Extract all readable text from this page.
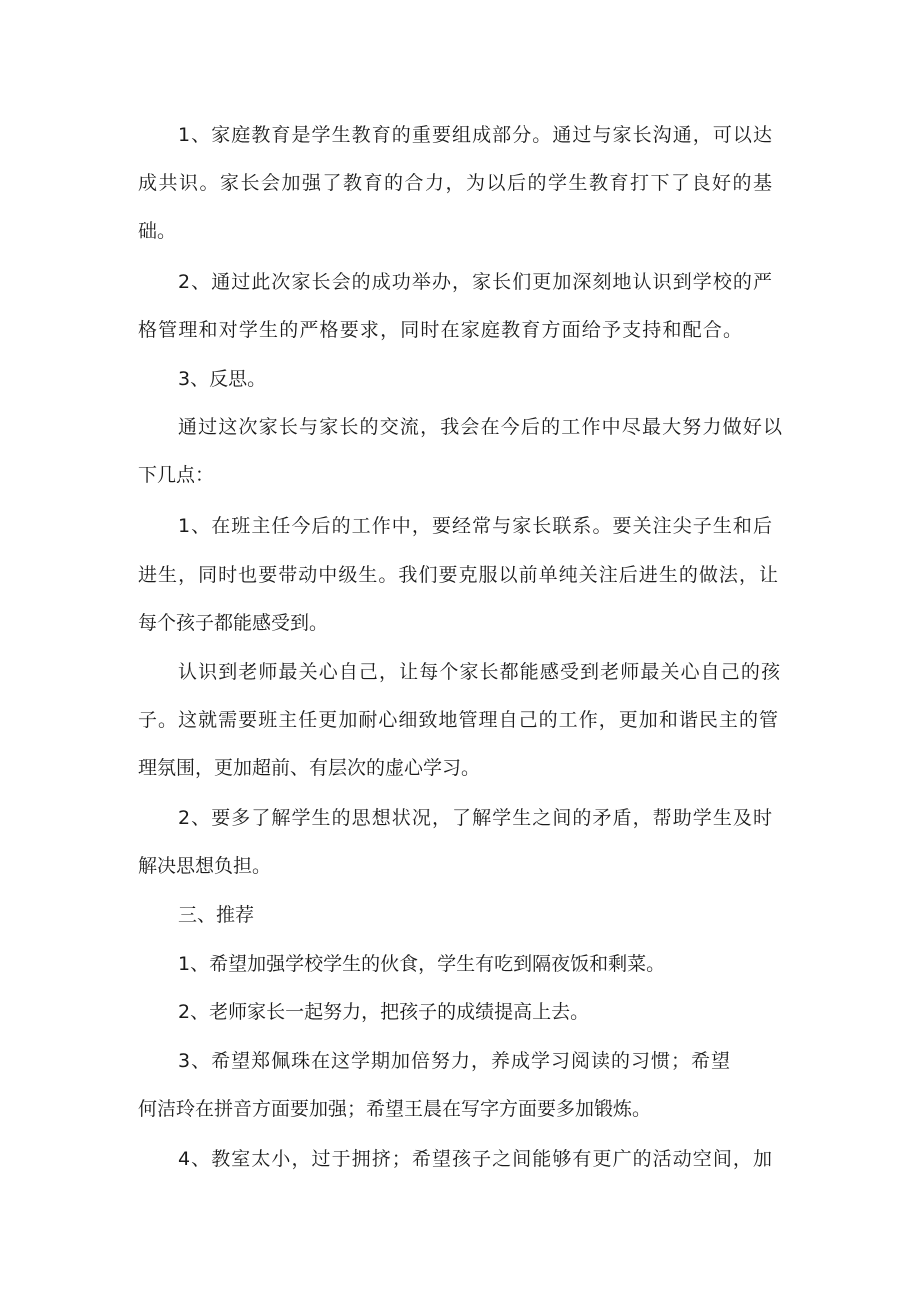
1、家庭教育是学生教育的重要组成部分。通过与家长沟通，可以达
成共识。家长会加强了教育的合力，为以后的学生教育打下了良好的基
础。
2、通过此次家长会的成功举办，家长们更加深刻地认识到学校的严
格管理和对学生的严格要求，同时在家庭教育方面给予支持和配合。
3、反思。
通过这次家长与家长的交流，我会在今后的工作中尽最大努力做好以
下几点：
1、在班主任今后的工作中，要经常与家长联系。要关注尖子生和后
进生，同时也要带动中级生。我们要克服以前单纯关注后进生的做法，让
每个孩子都能感受到。
认识到老师最关心自己，让每个家长都能感受到老师最关心自己的孩
子。这就需要班主任更加耐心细致地管理自己的工作，更加和谐民主的管
理氛围，更加超前、有层次的虚心学习。
2、要多了解学生的思想状况，了解学生之间的矛盾，帮助学生及时
解决思想负担。
三、推荐
1、希望加强学校学生的伙食，学生有吃到隔夜饭和剩菜。
2、老师家长一起努力，把孩子的成绩提高上去。
3、希望郑佩珠在这学期加倍努力，养成学习阅读的习惯；希望
何洁玲在拼音方面要加强；希望王晨在写字方面要多加锻炼。
4、教室太小，过于拥挤；希望孩子之间能够有更广的活动空间，加
